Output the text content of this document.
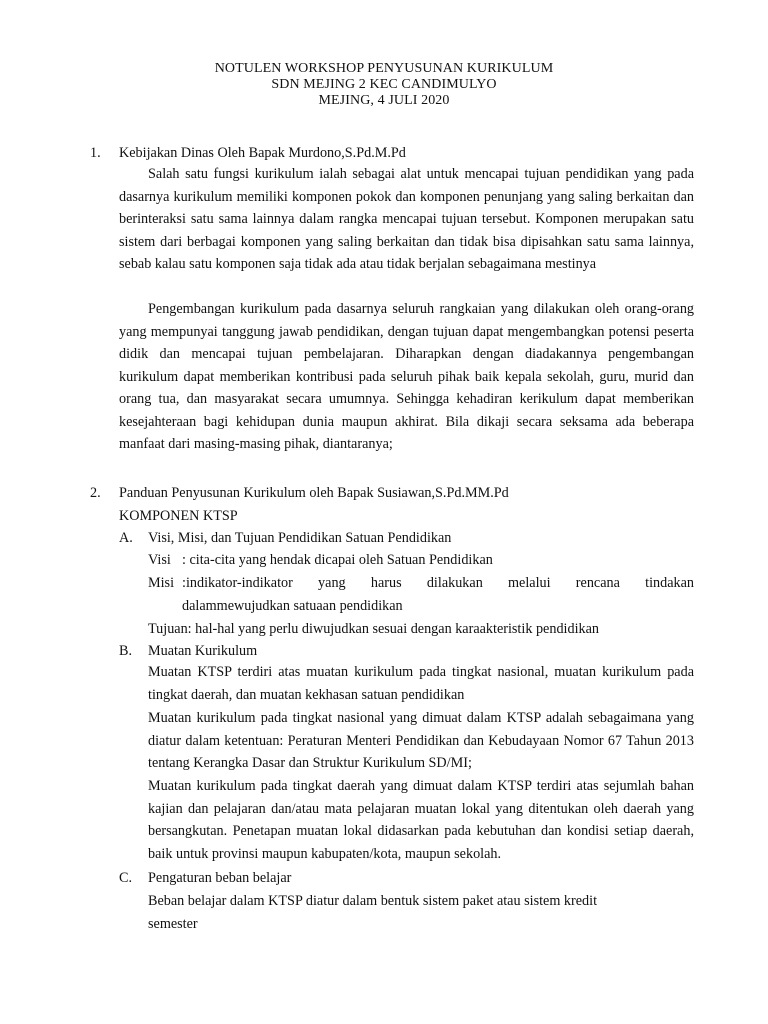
NOTULEN WORKSHOP PENYUSUNAN KURIKULUM
SDN MEJING 2 KEC CANDIMULYO
MEJING, 4 JULI 2020
1. Kebijakan Dinas Oleh Bapak Murdono,S.Pd.M.Pd
Salah satu fungsi kurikulum ialah sebagai alat untuk mencapai tujuan pendidikan yang pada dasarnya kurikulum memiliki komponen pokok dan komponen penunjang yang saling berkaitan dan berinteraksi satu sama lainnya dalam rangka mencapai tujuan tersebut. Komponen merupakan satu sistem dari berbagai komponen yang saling berkaitan dan tidak bisa dipisahkan satu sama lainnya, sebab kalau satu komponen saja tidak ada atau tidak berjalan sebagaimana mestinya
Pengembangan kurikulum pada dasarnya seluruh rangkaian yang dilakukan oleh orang-orang yang mempunyai tanggung jawab pendidikan, dengan tujuan dapat mengembangkan potensi peserta didik dan mencapai tujuan pembelajaran. Diharapkan dengan diadakannya pengembangan kurikulum dapat memberikan kontribusi pada seluruh pihak baik kepala sekolah, guru, murid dan orang tua, dan masyarakat secara umumnya. Sehingga kehadiran kerikulum dapat memberikan kesejahteraan bagi kehidupan dunia maupun akhirat. Bila dikaji secara seksama ada beberapa manfaat dari masing-masing pihak, diantaranya;
2. Panduan Penyusunan Kurikulum oleh Bapak Susiawan,S.Pd.MM.Pd
KOMPONEN KTSP
A. Visi, Misi, dan Tujuan Pendidikan Satuan Pendidikan
Visi : cita-cita yang hendak dicapai oleh Satuan Pendidikan
Misi :indikator-indikator yang harus dilakukan melalui rencana tindakan
dalammewujudkan satuaan pendidikan
Tujuan: hal-hal yang perlu diwujudkan sesuai dengan karaakteristik pendidikan
B. Muatan Kurikulum
Muatan KTSP terdiri atas muatan kurikulum pada tingkat nasional, muatan kurikulum pada tingkat daerah, dan muatan kekhasan satuan pendidikan
Muatan kurikulum pada tingkat nasional yang dimuat dalam KTSP adalah sebagaimana yang diatur dalam ketentuan: Peraturan Menteri Pendidikan dan Kebudayaan Nomor 67 Tahun 2013 tentang Kerangka Dasar dan Struktur Kurikulum SD/MI;
Muatan kurikulum pada tingkat daerah yang dimuat dalam KTSP terdiri atas sejumlah bahan kajian dan pelajaran dan/atau mata pelajaran muatan lokal yang ditentukan oleh daerah yang bersangkutan. Penetapan muatan lokal didasarkan pada kebutuhan dan kondisi setiap daerah, baik untuk provinsi maupun kabupaten/kota, maupun sekolah.
C. Pengaturan beban belajar
Beban belajar dalam KTSP diatur dalam bentuk sistem paket atau sistem kredit
semester
